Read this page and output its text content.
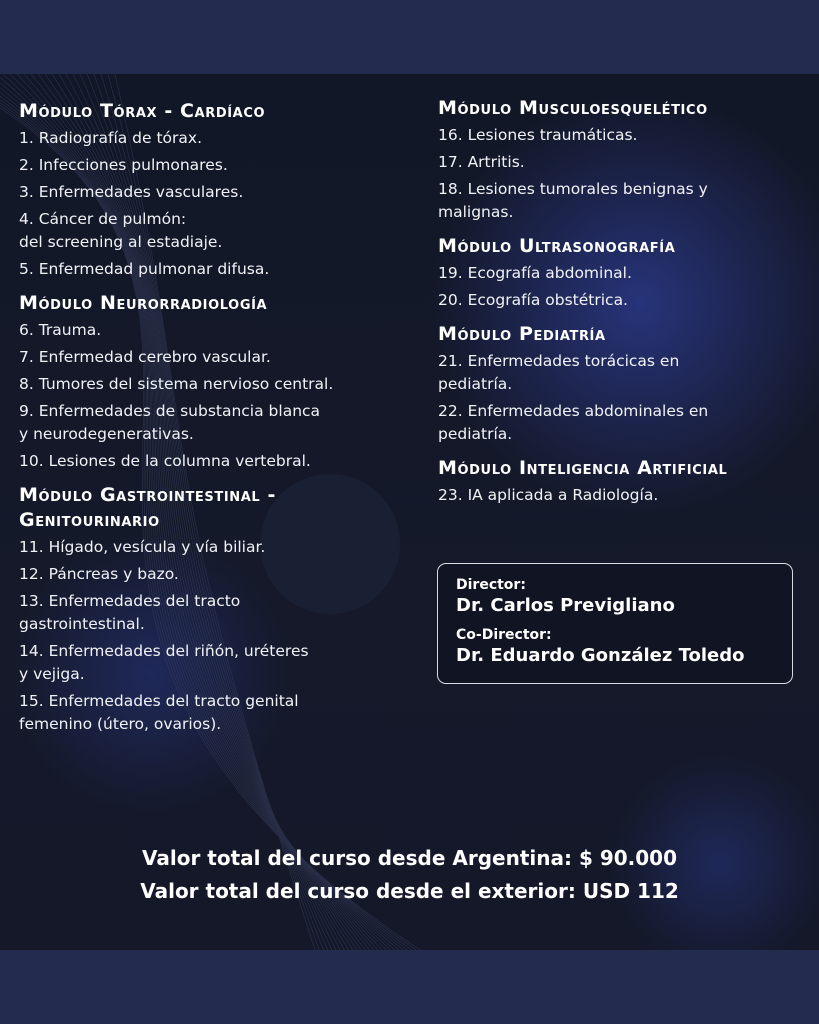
Módulo Tórax - Cardíaco
1. Radiografía de tórax.
2. Infecciones pulmonares.
3. Enfermedades vasculares.
4. Cáncer de pulmón:
del screening al estadiaje.
5. Enfermedad pulmonar difusa.
Módulo Neurorradiología
6. Trauma.
7. Enfermedad cerebro vascular.
8. Tumores del sistema nervioso central.
9. Enfermedades de substancia blanca
y neurodegenerativas.
10. Lesiones de la columna vertebral.
Módulo Gastrointestinal -
Genitourinario
11. Hígado, vesícula y vía biliar.
12. Páncreas y bazo.
13. Enfermedades del tracto
gastrointestinal.
14. Enfermedades del riñón, uréteres
y vejiga.
15. Enfermedades del tracto genital
femenino (útero, ovarios).
Módulo Musculoesquelético
16. Lesiones traumáticas.
17. Artritis.
18. Lesiones tumorales benignas y
malignas.
Módulo Ultrasonografía
19. Ecografía abdominal.
20. Ecografía obstétrica.
Módulo Pediatría
21. Enfermedades torácicas en
pediatría.
22. Enfermedades abdominales en
pediatría.
Módulo Inteligencia Artificial
23. IA aplicada a Radiología.
Director:
Dr. Carlos Previgliano
Co-Director:
Dr. Eduardo González Toledo
Valor total del curso desde Argentina: $ 90.000
Valor total del curso desde el exterior: USD 112
